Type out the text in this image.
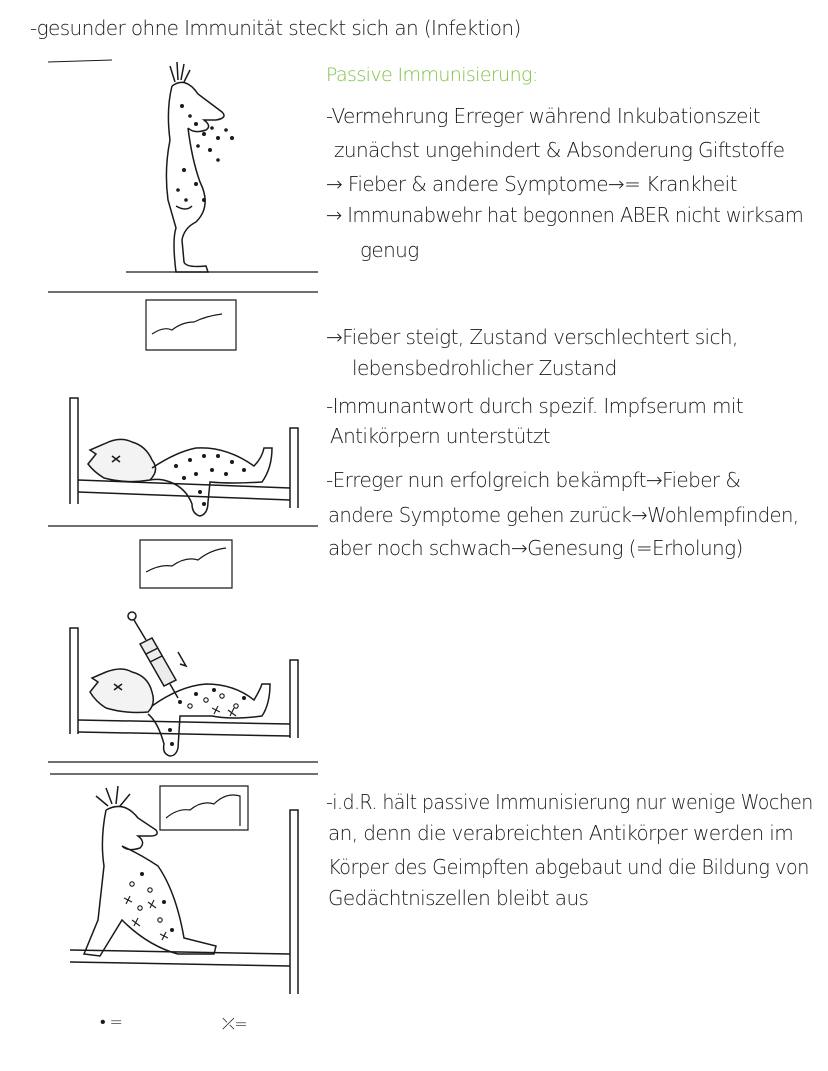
-gesunder ohne Immunität steckt sich an (Infektion)
Passive Immunisierung:
-Vermehrung Erreger während Inkubationszeit
zunächst ungehindert & Absonderung Giftstoffe
→ Fieber & andere Symptome→= Krankheit
→ Immunabwehr hat begonnen ABER nicht wirksam
genug
→Fieber steigt, Zustand verschlechtert sich,
lebensbedrohlicher Zustand
-Immunantwort durch spezif. Impfserum mit
Antikörpern unterstützt
-Erreger nun erfolgreich bekämpft→Fieber &
andere Symptome gehen zurück→Wohlempfinden,
aber noch schwach→Genesung (=Erholung)
-i.d.R. hält passive Immunisierung nur wenige Wochen
an, denn die verabreichten Antikörper werden im
Körper des Geimpften abgebaut und die Bildung von
Gedächtniszellen bleibt aus
• =	⤫=
